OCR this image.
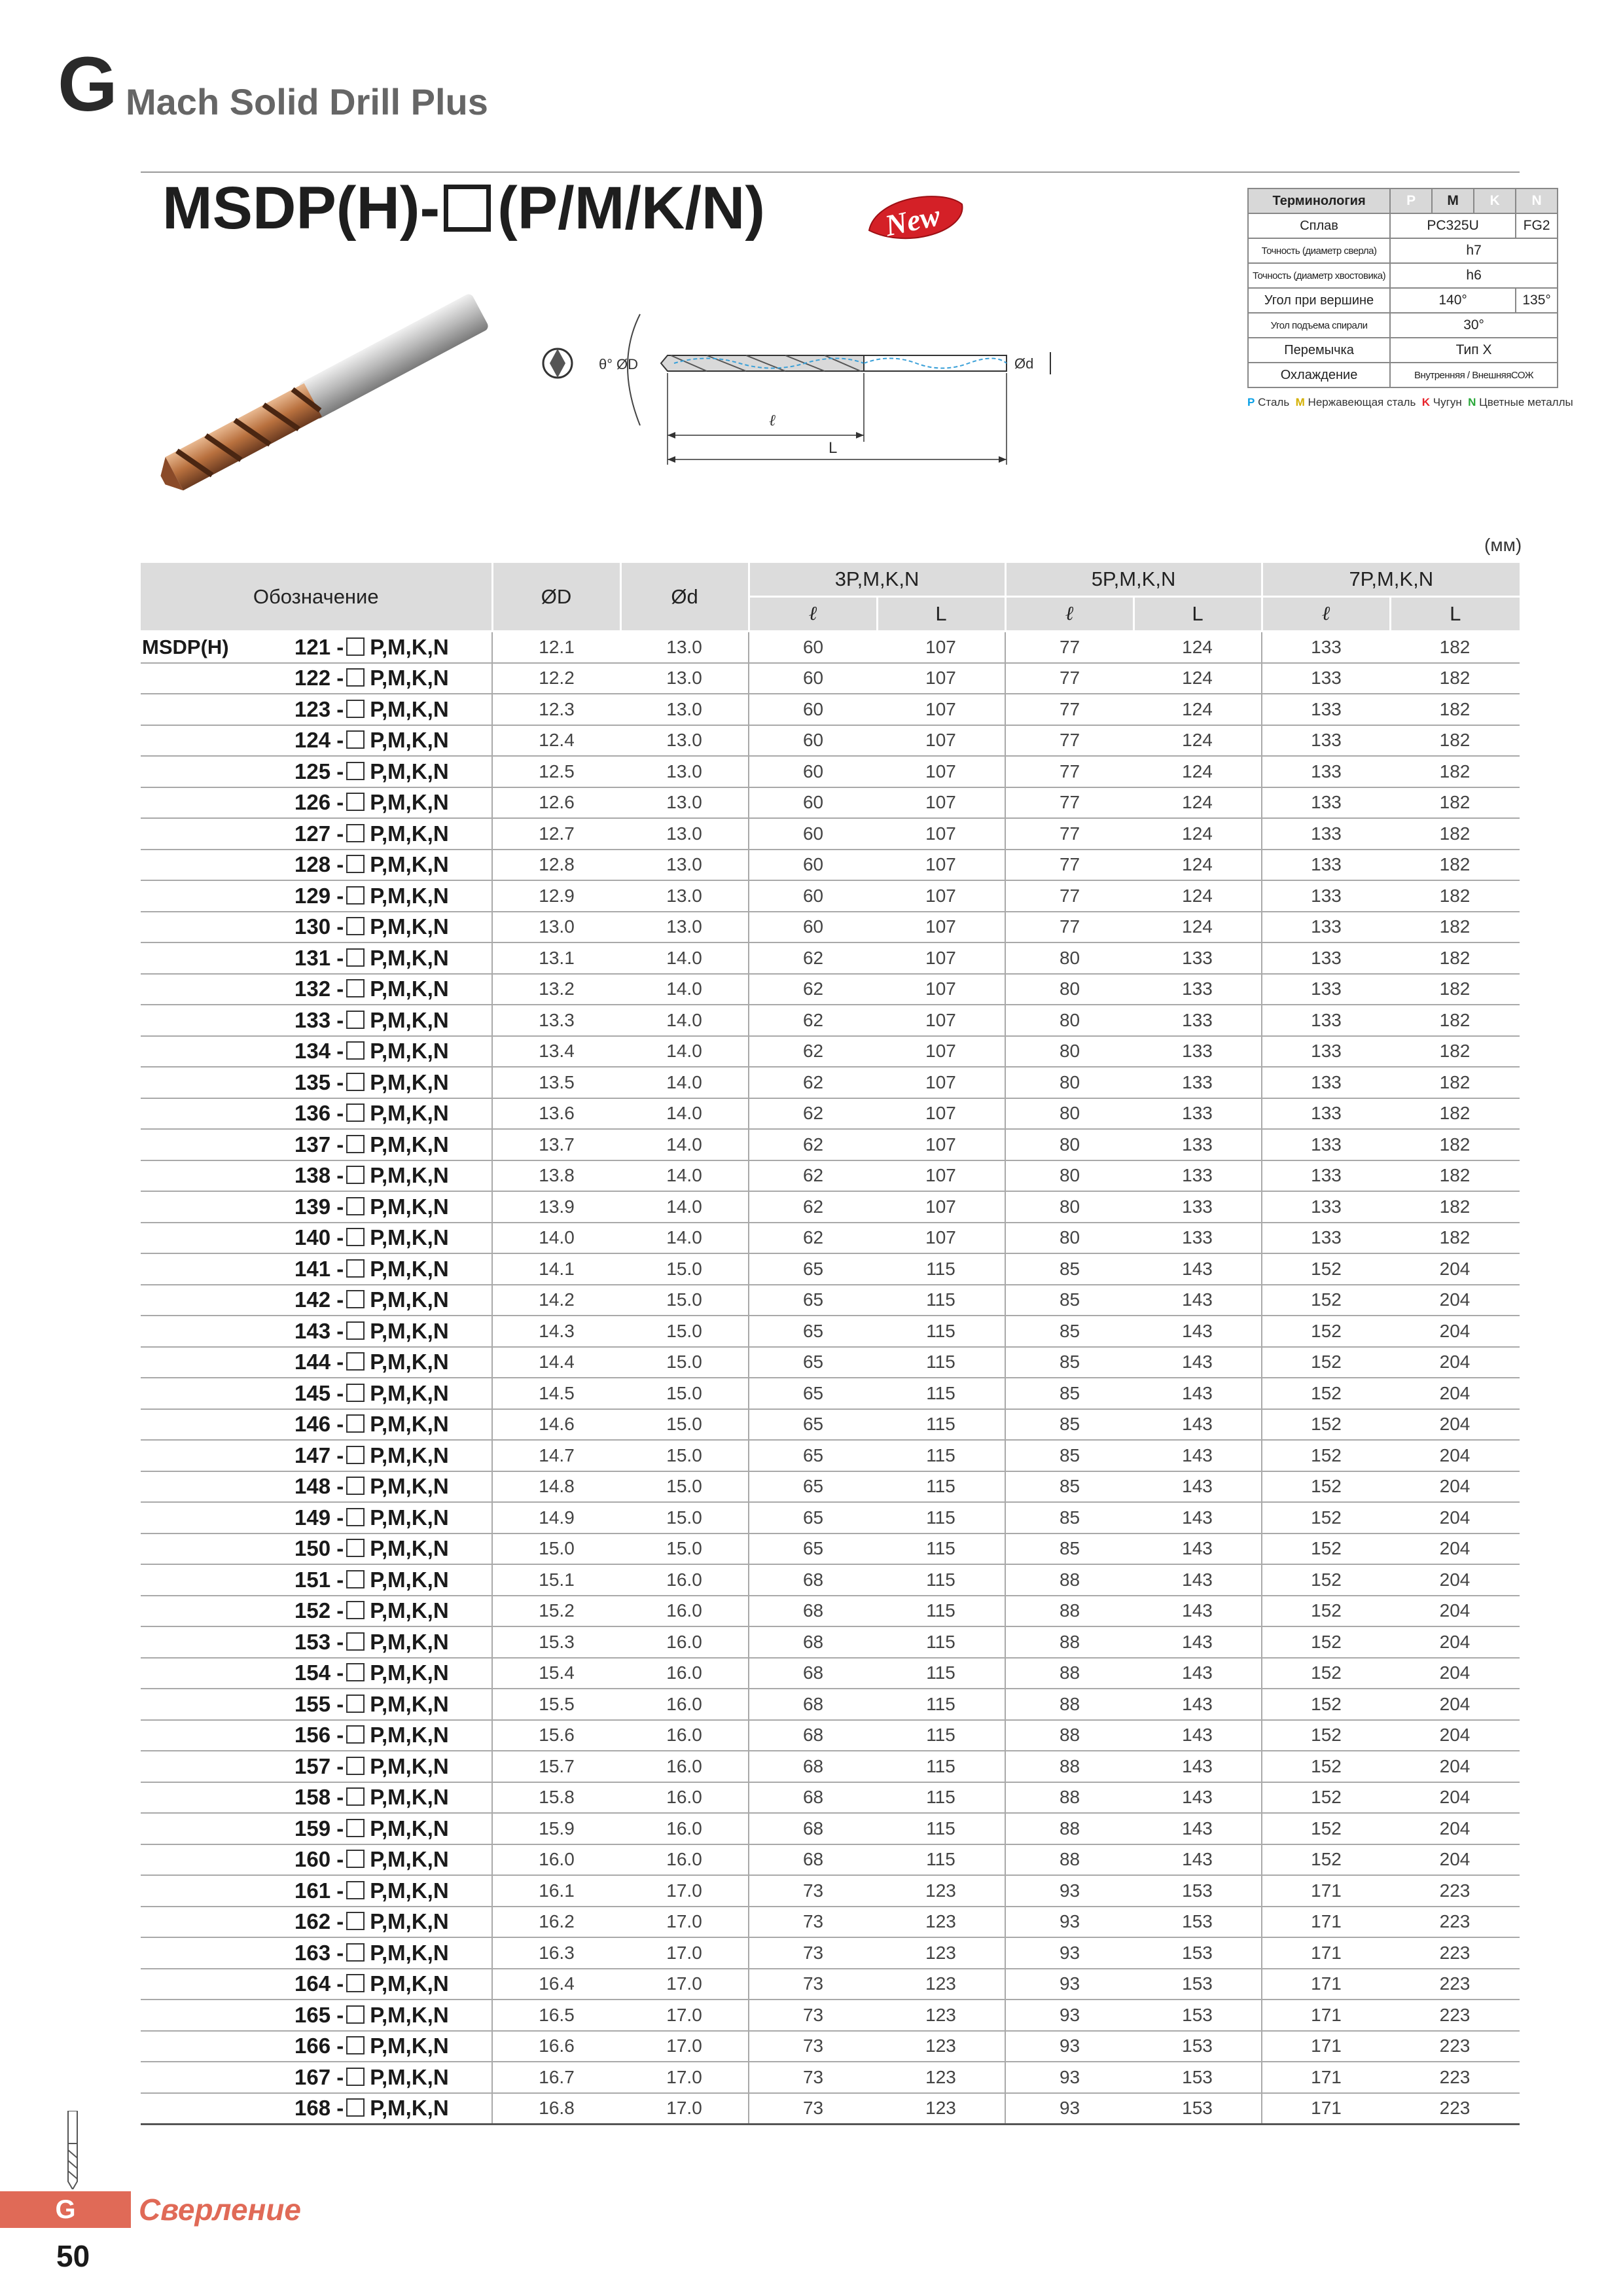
G Mach Solid Drill Plus
MSDP(H)- (P/M/K/N)	New
θ° ØD	Ød
ℓ
L
Терминология	P	M	K	N
Сплав	PC325U			FG2
Точность (диаметр сверла)	h7			
Точность (диаметр хвостовика)	h6			
Угол при вершине	140°			135°
Угол подъема спирали	30°			
Перемычка	Тип X			
Охлаждение	Внутренняя / ВнешняяСОЖ			
P Сталь M Нержавеющая сталь K Чугун N Цветные металлы
(мм)
Обозначение		ØD	Ød	3P,M,K,N		5P,M,K,N		7P,M,K,N	
				ℓ	L	ℓ	L	ℓ	L
MSDP(H)	121 - P,M,K,N	12.1	13.0	60	107	77	124	133	182
	122 - P,M,K,N	12.2	13.0	60	107	77	124	133	182
	123 - P,M,K,N	12.3	13.0	60	107	77	124	133	182
	124 - P,M,K,N	12.4	13.0	60	107	77	124	133	182
	125 - P,M,K,N	12.5	13.0	60	107	77	124	133	182
	126 - P,M,K,N	12.6	13.0	60	107	77	124	133	182
	127 - P,M,K,N	12.7	13.0	60	107	77	124	133	182
	128 - P,M,K,N	12.8	13.0	60	107	77	124	133	182
	129 - P,M,K,N	12.9	13.0	60	107	77	124	133	182
	130 - P,M,K,N	13.0	13.0	60	107	77	124	133	182
	131 - P,M,K,N	13.1	14.0	62	107	80	133	133	182
	132 - P,M,K,N	13.2	14.0	62	107	80	133	133	182
	133 - P,M,K,N	13.3	14.0	62	107	80	133	133	182
	134 - P,M,K,N	13.4	14.0	62	107	80	133	133	182
	135 - P,M,K,N	13.5	14.0	62	107	80	133	133	182
	136 - P,M,K,N	13.6	14.0	62	107	80	133	133	182
	137 - P,M,K,N	13.7	14.0	62	107	80	133	133	182
	138 - P,M,K,N	13.8	14.0	62	107	80	133	133	182
	139 - P,M,K,N	13.9	14.0	62	107	80	133	133	182
	140 - P,M,K,N	14.0	14.0	62	107	80	133	133	182
	141 - P,M,K,N	14.1	15.0	65	115	85	143	152	204
	142 - P,M,K,N	14.2	15.0	65	115	85	143	152	204
	143 - P,M,K,N	14.3	15.0	65	115	85	143	152	204
	144 - P,M,K,N	14.4	15.0	65	115	85	143	152	204
	145 - P,M,K,N	14.5	15.0	65	115	85	143	152	204
	146 - P,M,K,N	14.6	15.0	65	115	85	143	152	204
	147 - P,M,K,N	14.7	15.0	65	115	85	143	152	204
	148 - P,M,K,N	14.8	15.0	65	115	85	143	152	204
	149 - P,M,K,N	14.9	15.0	65	115	85	143	152	204
	150 - P,M,K,N	15.0	15.0	65	115	85	143	152	204
	151 - P,M,K,N	15.1	16.0	68	115	88	143	152	204
	152 - P,M,K,N	15.2	16.0	68	115	88	143	152	204
	153 - P,M,K,N	15.3	16.0	68	115	88	143	152	204
	154 - P,M,K,N	15.4	16.0	68	115	88	143	152	204
	155 - P,M,K,N	15.5	16.0	68	115	88	143	152	204
	156 - P,M,K,N	15.6	16.0	68	115	88	143	152	204
	157 - P,M,K,N	15.7	16.0	68	115	88	143	152	204
	158 - P,M,K,N	15.8	16.0	68	115	88	143	152	204
	159 - P,M,K,N	15.9	16.0	68	115	88	143	152	204
	160 - P,M,K,N	16.0	16.0	68	115	88	143	152	204
	161 - P,M,K,N	16.1	17.0	73	123	93	153	171	223
	162 - P,M,K,N	16.2	17.0	73	123	93	153	171	223
	163 - P,M,K,N	16.3	17.0	73	123	93	153	171	223
	164 - P,M,K,N	16.4	17.0	73	123	93	153	171	223
	165 - P,M,K,N	16.5	17.0	73	123	93	153	171	223
	166 - P,M,K,N	16.6	17.0	73	123	93	153	171	223
	167 - P,M,K,N	16.7	17.0	73	123	93	153	171	223
	168 - P,M,K,N	16.8	17.0	73	123	93	153	171	223
G	Сверление
50
